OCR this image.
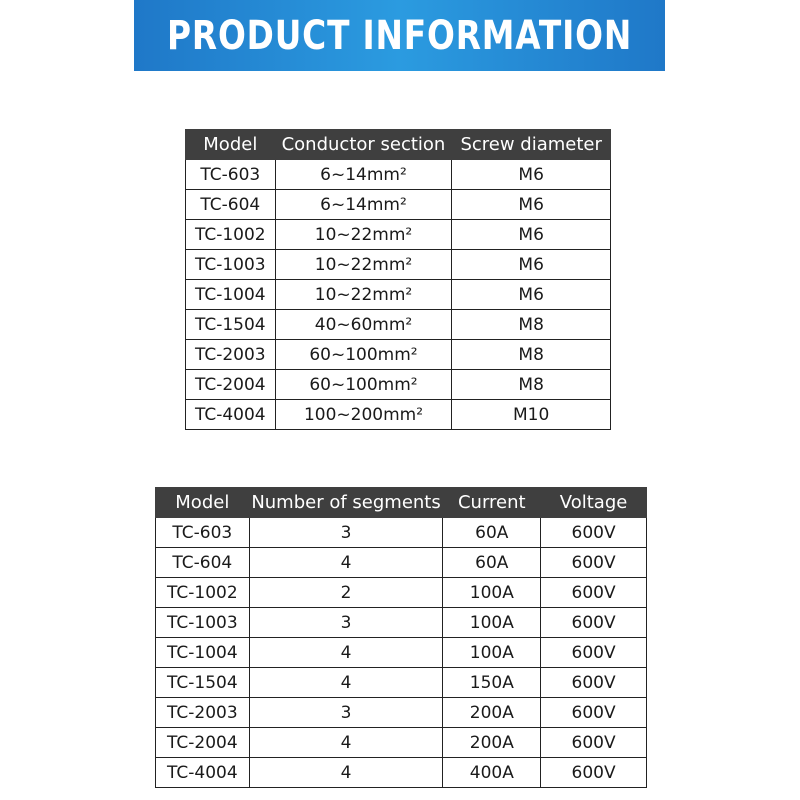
PRODUCT INFORMATION
Model	Conductor section	Screw diameter
TC-603	6~14mm²	M6
TC-604	6~14mm²	M6
TC-1002	10~22mm²	M6
TC-1003	10~22mm²	M6
TC-1004	10~22mm²	M6
TC-1504	40~60mm²	M8
TC-2003	60~100mm²	M8
TC-2004	60~100mm²	M8
TC-4004	100~200mm²	M10
Model	Number of segments	Current	Voltage
TC-603	3	60A	600V
TC-604	4	60A	600V
TC-1002	2	100A	600V
TC-1003	3	100A	600V
TC-1004	4	100A	600V
TC-1504	4	150A	600V
TC-2003	3	200A	600V
TC-2004	4	200A	600V
TC-4004	4	400A	600V
